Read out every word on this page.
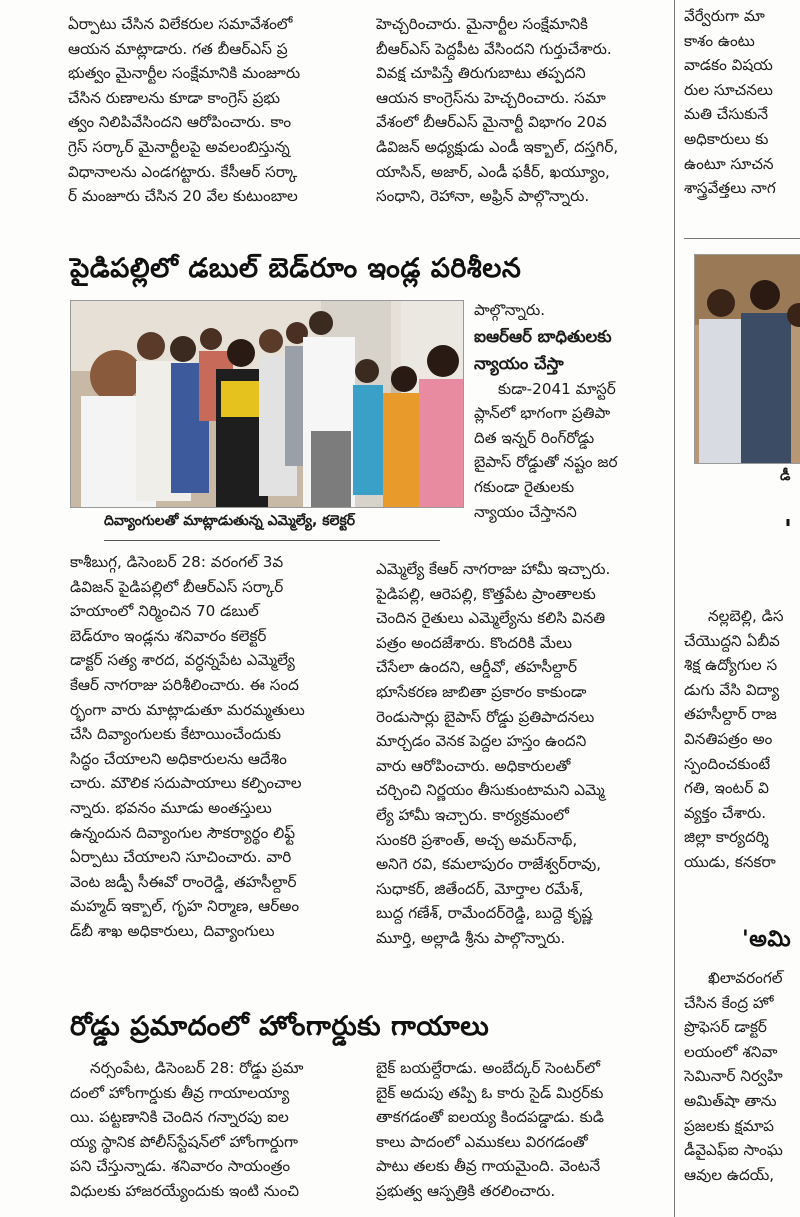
ఏర్పాటు చేసిన విలేకరుల సమావేశంలో
ఆయన మాట్లాడారు. గత బీఆర్ఎస్ ప్ర
భుత్వం మైనార్టీల సంక్షేమానికి మంజూరు
చేసిన రుణాలను కూడా కాంగ్రెస్ ప్రభు
త్వం నిలిపివేసిందని ఆరోపించారు. కాం
గ్రెస్ సర్కార్ మైనార్టీలపై అవలంబిస్తున్న
విధానాలను ఎండగట్టారు. కేసీఆర్ సర్కా
ర్ మంజూరు చేసిన 20 వేల కుటుంబాల
హెచ్చరించారు. మైనార్టీల సంక్షేమానికి
బీఆర్ఎస్ పెద్దపీట వేసిందని గుర్తుచేశారు.
వివక్ష చూపిస్తే తిరుగుబాటు తప్పదని
ఆయన కాంగ్రెస్‌ను హెచ్చరించారు. సమా
వేశంలో బీఆర్ఎస్ మైనార్టీ విభాగం 20వ
డివిజన్ అధ్యక్షుడు ఎండీ ఇక్బాల్, దస్తగిర్,
యాసిన్, అజార్, ఎండీ ఫకీర్, ఖయ్యూం,
సంధాని, రెహానా, అఫ్రిన్ పాల్గొన్నారు.
వేర్వేరుగా మా
కాశం ఉంటు
వాడకం విషయ
రుల సూచనలు
మతి చేసుకునే
అధికారులు కు
ఉంటూ సూచన
శాస్త్రవేత్తలు నాగ
పైడిపల్లిలో డబుల్ బెడ్‌రూం ఇండ్ల పరిశీలన
దివ్యాంగులతో మాట్లాడుతున్న ఎమ్మెల్యే, కలెక్టర్
కాశీబుగ్గ, డిసెంబర్ 28: వరంగల్ 3వ
డివిజన్ పైడిపల్లిలో బీఆర్ఎస్ సర్కార్
హయాంలో నిర్మించిన 70 డబుల్
బెడ్‌రూం ఇండ్లను శనివారం కలెక్టర్
డాక్టర్ సత్య శారద, వర్ధన్నపేట ఎమ్మెల్యే
కేఆర్ నాగరాజు పరిశీలించారు. ఈ సంద
ర్భంగా వారు మాట్లాడుతూ మరమ్మతులు
చేసి దివ్యాంగులకు కేటాయించేందుకు
సిద్ధం చేయాలని అధికారులను ఆదేశిం
చారు. మౌలిక సదుపాయాలు కల్పించాల
న్నారు. భవనం మూడు అంతస్తులు
ఉన్నందున దివ్యాంగుల సౌకర్యార్థం లిఫ్ట్
ఏర్పాటు చేయాలని సూచించారు. వారి
వెంట జడ్పీ సీఈవో రాంరెడ్డి, తహసీల్దార్
మహ్మద్ ఇక్బాల్, గృహ నిర్మాణ, ఆర్అం
డ్‌బీ శాఖ అధికారులు, దివ్యాంగులు
పాల్గొన్నారు.
ఐఆర్ఆర్ బాధితులకు
న్యాయం చేస్తా
కుడా-2041 మాస్టర్
ప్లాన్‌లో భాగంగా ప్రతిపా
దిత ఇన్నర్ రింగ్‌రోడ్డు
బైపాస్ రోడ్డుతో నష్టం జర
గకుండా రైతులకు
న్యాయం చేస్తానని
ఎమ్మెల్యే కేఆర్ నాగరాజు హామీ ఇచ్చారు.
పైడిపల్లి, ఆరెపల్లి, కొత్తపేట ప్రాంతాలకు
చెందిన రైతులు ఎమ్మెల్యేను కలిసి వినతి
పత్రం అందజేశారు. కొందరికి మేలు
చేసేలా ఉందని, ఆర్డీవో, తహసీల్దార్
భూసేకరణ జాబితా ప్రకారం కాకుండా
రెండుసార్లు బైపాస్ రోడ్డు ప్రతిపాదనలు
మార్చడం వెనక పెద్దల హస్తం ఉందని
వారు ఆరోపించారు. అధికారులతో
చర్చించి నిర్ణయం తీసుకుంటామని ఎమ్మె
ల్యే హామీ ఇచ్చారు. కార్యక్రమంలో
సుంకరి ప్రశాంత్, అచ్చ అమర్‌నాథ్,
అనిగె రవి, కమలాపురం రాజేశ్వర్‌రావు,
సుధాకర్, జితేందర్, మోర్తాల రమేశ్,
బుద్ద గణేశ్, రామేందర్‌రెడ్డి, బుద్దె కృష్ణ
మూర్తి, అల్లాడి శ్రీను పాల్గొన్నారు.
డీ
'
నల్లబెల్లి, డిస
చేయొద్దని ఏబీవ
శిక్ష ఉద్యోగుల స
డుగు వేసి విద్యా
తహసీల్దార్ రాజ
వినతిపత్రం అం
స్పందించకుంటే
గతి, ఇంటర్ వి
వ్యక్తం చేశారు.
జిల్లా కార్యదర్శి
యుడు, కనకరా
'అమి
ఖిలావరంగల్
చేసిన కేంద్ర హో
ప్రొఫెసర్ డాక్టర్
లయంలో శనివా
సెమినార్ నిర్వహి
అమిత్‌షా తాను
ప్రజలకు క్షమాప
డీవైఎఫ్ఐ సాంఘ
ఆవుల ఉదయ్,
రోడ్డు ప్రమాదంలో హోంగార్డుకు గాయాలు
నర్సంపేట, డిసెంబర్ 28: రోడ్డు ప్రమా
దంలో హోంగార్డుకు తీవ్ర గాయాలయ్యా
యి. పట్టణానికి చెందిన గన్నారపు ఐల
య్య స్థానిక పోలీస్‌స్టేషన్‌లో హోంగార్డుగా
పని చేస్తున్నాడు. శనివారం సాయంత్రం
విధులకు హాజరయ్యేందుకు ఇంటి నుంచి
బైక్ బయల్దేరాడు. అంబేద్కర్ సెంటర్‌లో
బైక్ అదుపు తప్పి ఓ కారు సైడ్ మిర్రర్‌కు
తాకగడంతో ఐలయ్య కిందపడ్డాడు. కుడి
కాలు పాదంలో ఎముకలు విరగడంతో
పాటు తలకు తీవ్ర గాయమైంది. వెంటనే
ప్రభుత్వ ఆస్పత్రికి తరలించారు.
